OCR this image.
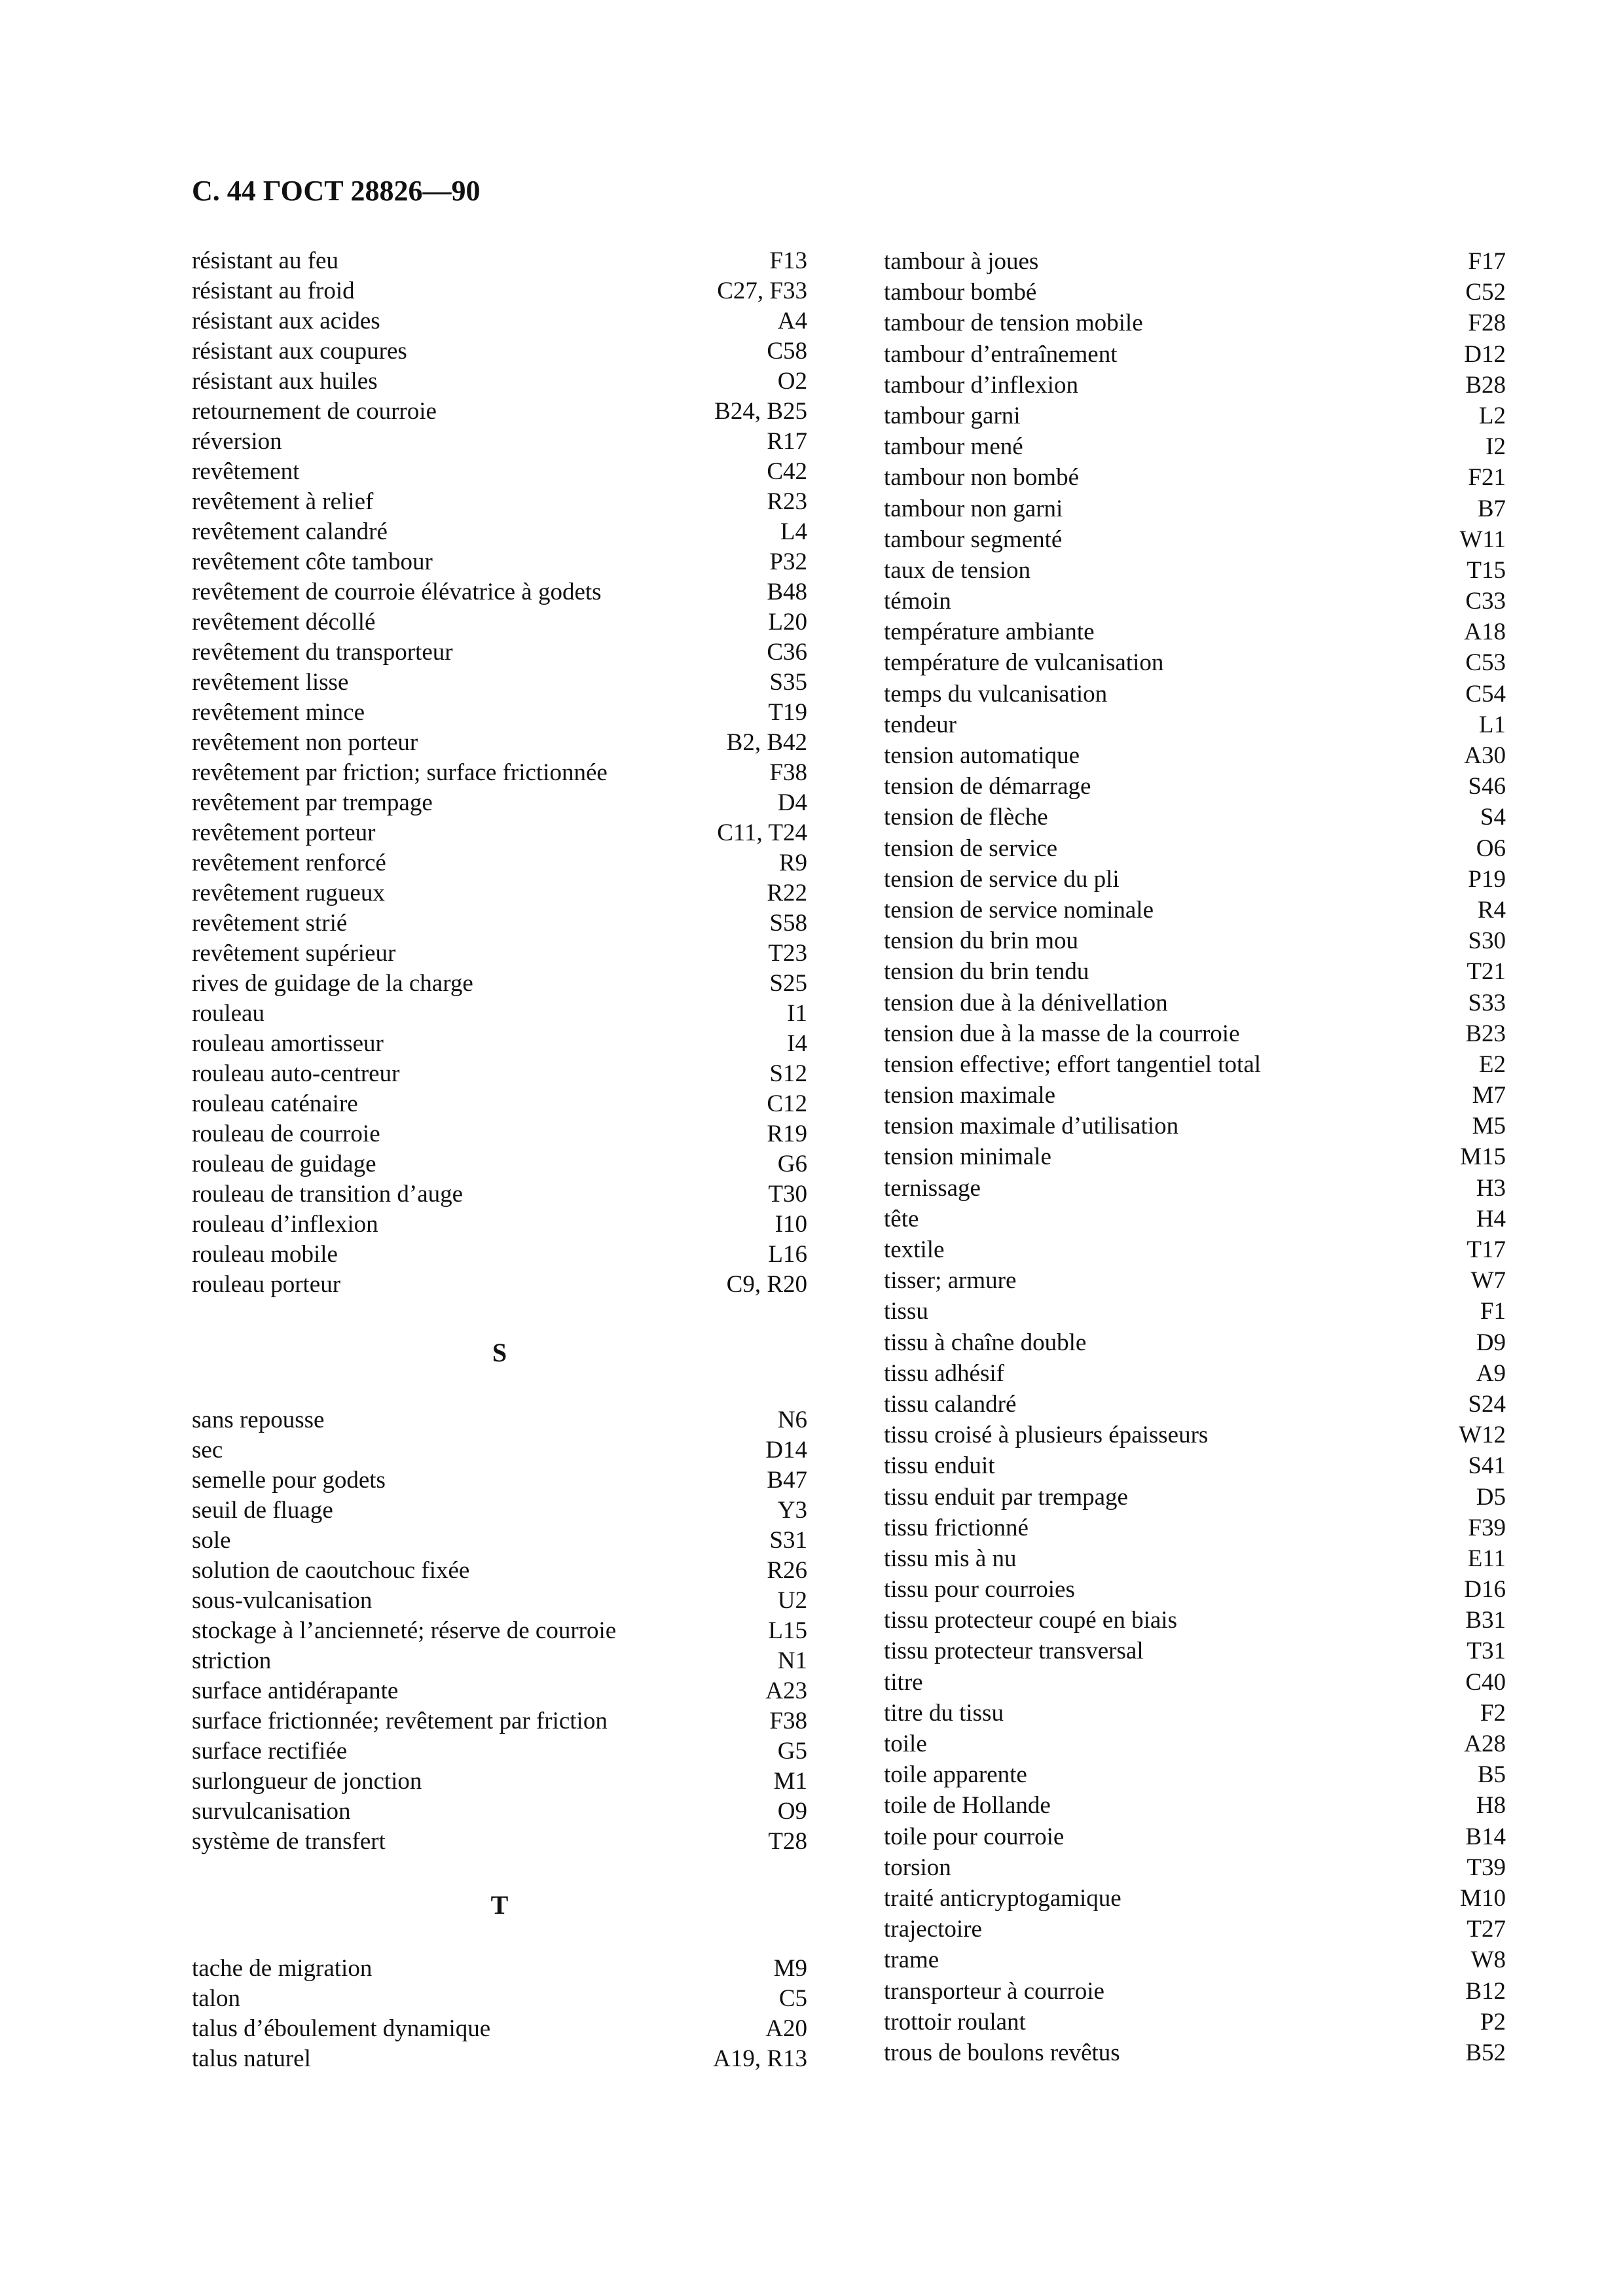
С. 44 ГОСТ 28826—90
résistant au feu	F13
résistant au froid	C27, F33
résistant aux acides	A4
résistant aux coupures	C58
résistant aux huiles	O2
retournement de courroie	B24, B25
réversion	R17
revêtement	C42
revêtement à relief	R23
revêtement calandré	L4
revêtement côte tambour	P32
revêtement de courroie élévatrice à godets	B48
revêtement décollé	L20
revêtement du transporteur	C36
revêtement lisse	S35
revêtement mince	T19
revêtement non porteur	B2, B42
revêtement par friction; surface frictionnée	F38
revêtement par trempage	D4
revêtement porteur	C11, T24
revêtement renforcé	R9
revêtement rugueux	R22
revêtement strié	S58
revêtement supérieur	T23
rives de guidage de la charge	S25
rouleau	I1
rouleau amortisseur	I4
rouleau auto-centreur	S12
rouleau caténaire	C12
rouleau de courroie	R19
rouleau de guidage	G6
rouleau de transition d’auge	T30
rouleau d’inflexion	I10
rouleau mobile	L16
rouleau porteur	C9, R20
S
sans repousse	N6
sec	D14
semelle pour godets	B47
seuil de fluage	Y3
sole	S31
solution de caoutchouc fixée	R26
sous-vulcanisation	U2
stockage à l’ancienneté; réserve de courroie	L15
striction	N1
surface antidérapante	A23
surface frictionnée; revêtement par friction	F38
surface rectifiée	G5
surlongueur de jonction	M1
survulcanisation	O9
système de transfert	T28
T
tache de migration	M9
talon	C5
talus d’éboulement dynamique	A20
talus naturel	A19, R13
tambour à joues	F17
tambour bombé	C52
tambour de tension mobile	F28
tambour d’entraînement	D12
tambour d’inflexion	B28
tambour garni	L2
tambour mené	I2
tambour non bombé	F21
tambour non garni	B7
tambour segmenté	W11
taux de tension	T15
témoin	C33
température ambiante	A18
température de vulcanisation	C53
temps du vulcanisation	C54
tendeur	L1
tension automatique	A30
tension de démarrage	S46
tension de flèche	S4
tension de service	O6
tension de service du pli	P19
tension de service nominale	R4
tension du brin mou	S30
tension du brin tendu	T21
tension due à la dénivellation	S33
tension due à la masse de la courroie	B23
tension effective; effort tangentiel total	E2
tension maximale	M7
tension maximale d’utilisation	M5
tension minimale	M15
ternissage	H3
tête	H4
textile	T17
tisser; armure	W7
tissu	F1
tissu à chaîne double	D9
tissu adhésif	A9
tissu calandré	S24
tissu croisé à plusieurs épaisseurs	W12
tissu enduit	S41
tissu enduit par trempage	D5
tissu frictionné	F39
tissu mis à nu	E11
tissu pour courroies	D16
tissu protecteur coupé en biais	B31
tissu protecteur transversal	T31
titre	C40
titre du tissu	F2
toile	A28
toile apparente	B5
toile de Hollande	H8
toile pour courroie	B14
torsion	T39
traité anticryptogamique	M10
trajectoire	T27
trame	W8
transporteur à courroie	B12
trottoir roulant	P2
trous de boulons revêtus	B52
